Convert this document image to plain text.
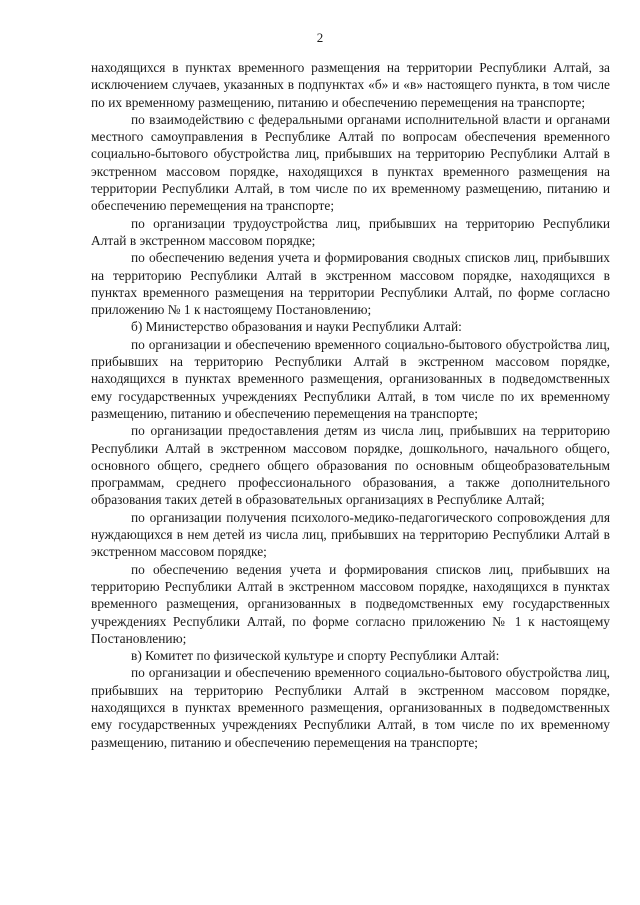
2

находящихся в пунктах временного размещения на территории Республики Алтай, за исключением случаев, указанных в подпунктах «б» и «в» настоящего пункта, в том числе по их временному размещению, питанию и обеспечению перемещения на транспорте;

по взаимодействию с федеральными органами исполнительной власти и органами местного самоуправления в Республике Алтай по вопросам обеспечения временного социально-бытового обустройства лиц, прибывших на территорию Республики Алтай в экстренном массовом порядке, находящихся в пунктах временного размещения на территории Республики Алтай, в том числе по их временному размещению, питанию и обеспечению перемещения на транспорте;

по организации трудоустройства лиц, прибывших на территорию Республики Алтай в экстренном массовом порядке;

по обеспечению ведения учета и формирования сводных списков лиц, прибывших на территорию Республики Алтай в экстренном массовом порядке, находящихся в пунктах временного размещения на территории Республики Алтай, по форме согласно приложению № 1 к настоящему Постановлению;

б) Министерство образования и науки Республики Алтай:

по организации и обеспечению временного социально-бытового обустройства лиц, прибывших на территорию Республики Алтай в экстренном массовом порядке, находящихся в пунктах временного размещения, организованных в подведомственных ему государственных учреждениях Республики Алтай, в том числе по их временному размещению, питанию и обеспечению перемещения на транспорте;

по организации предоставления детям из числа лиц, прибывших на территорию Республики Алтай в экстренном массовом порядке, дошкольного, начального общего, основного общего, среднего общего образования по основным общеобразовательным программам, среднего профессионального образования, а также дополнительного образования таких детей в образовательных организациях в Республике Алтай;

по организации получения психолого-медико-педагогического сопровождения для нуждающихся в нем детей из числа лиц, прибывших на территорию Республики Алтай в экстренном массовом порядке;

по обеспечению ведения учета и формирования списков лиц, прибывших на территорию Республики Алтай в экстренном массовом порядке, находящихся в пунктах временного размещения, организованных в подведомственных ему государственных учреждениях Республики Алтай, по форме согласно приложению № 1 к настоящему Постановлению;

в) Комитет по физической культуре и спорту Республики Алтай:

по организации и обеспечению временного социально-бытового обустройства лиц, прибывших на территорию Республики Алтай в экстренном массовом порядке, находящихся в пунктах временного размещения, организованных в подведомственных ему государственных учреждениях Республики Алтай, в том числе по их временному размещению, питанию и обеспечению перемещения на транспорте;
